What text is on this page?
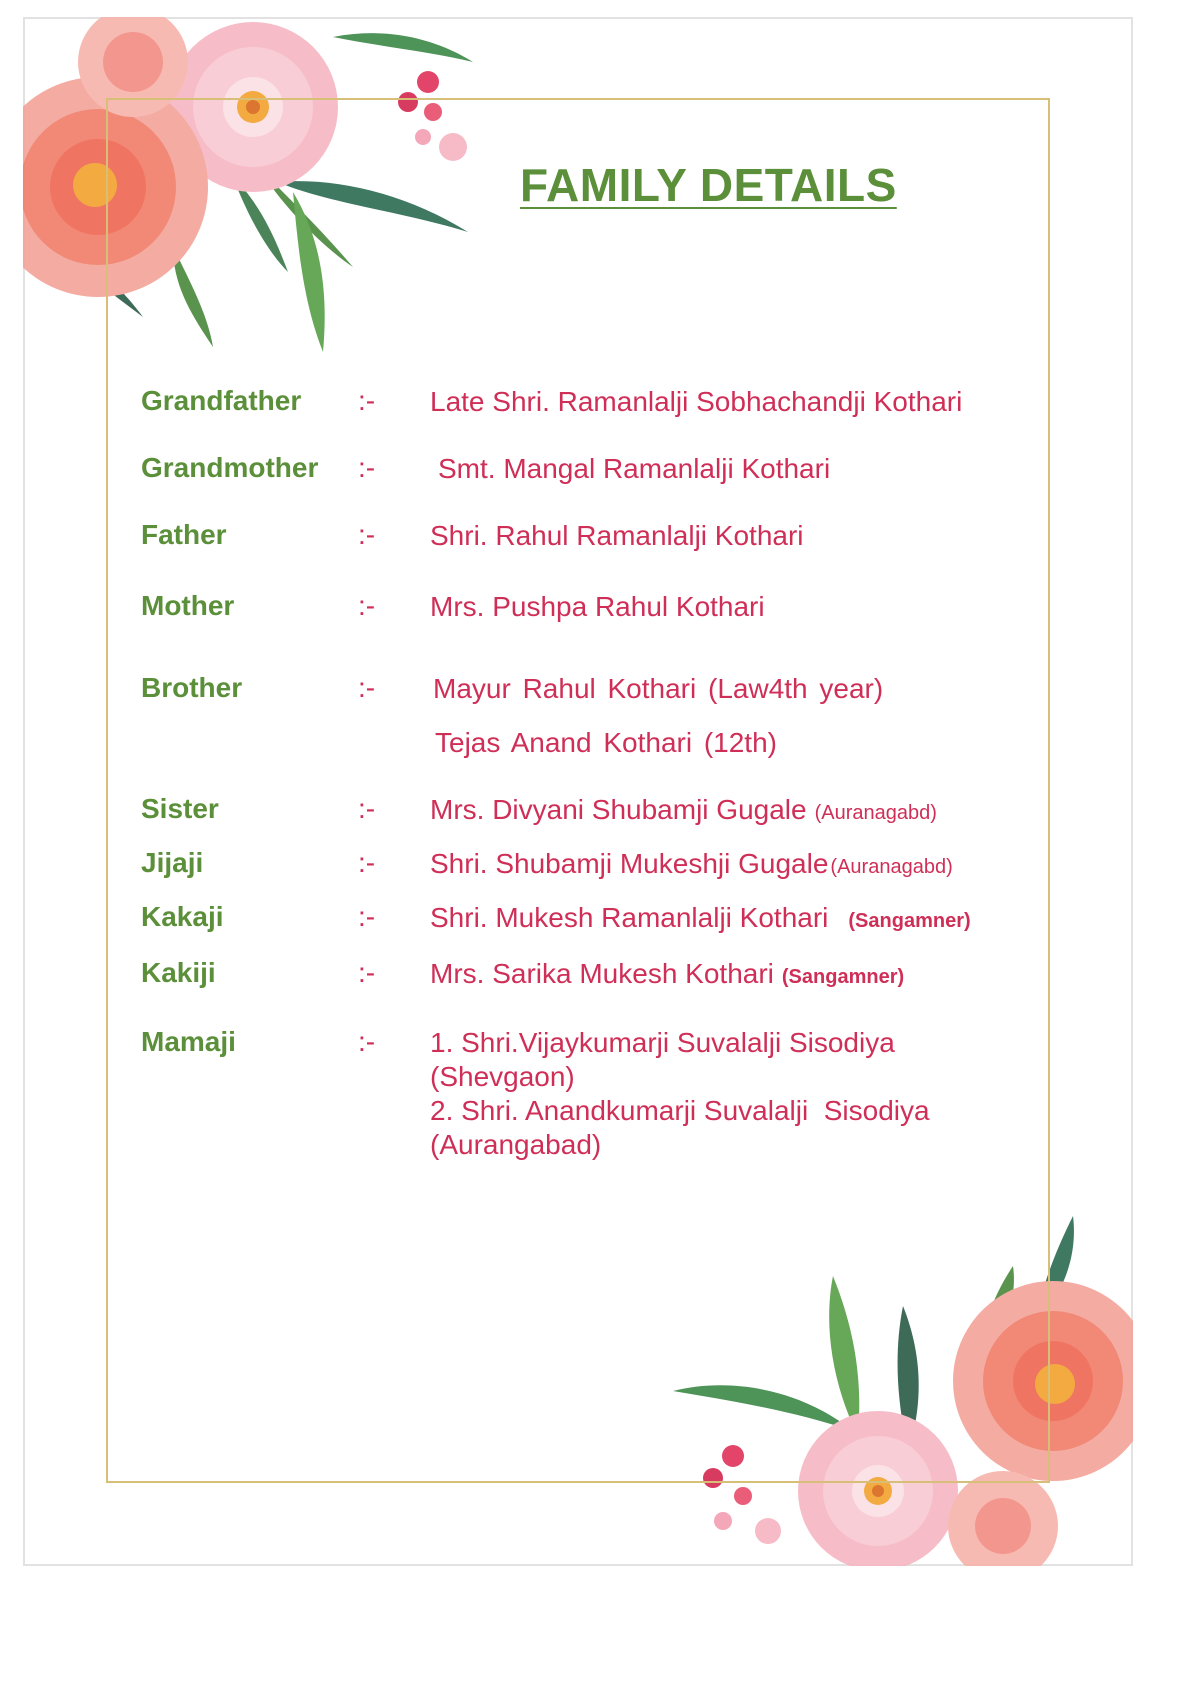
FAMILY DETAILS
Grandfather :- Late Shri. Ramanlalji Sobhachandji Kothari
Grandmother :- Smt. Mangal Ramanlalji Kothari
Father	:- Shri. Rahul Ramanlalji Kothari
Mother	:- Mrs. Pushpa Rahul Kothari
Brother	:- Mayur Rahul Kothari (Law4th year)
Tejas Anand Kothari (12th)
Sister	:- Mrs. Divyani Shubamji Gugale (Auranagabd)
Jijaji	:- Shri. Shubamji Mukeshji Gugale (Auranagabd)
Kakaji	:- Shri. Mukesh Ramanlalji Kothari (Sangamner)
Kakiji	:- Mrs. Sarika Mukesh Kothari (Sangamner)
Mamaji	:- 1. Shri.Vijaykumarji Suvalalji Sisodiya
(Shevgaon)
2. Shri. Anandkumarji Suvalalji  Sisodiya
(Aurangabad)
